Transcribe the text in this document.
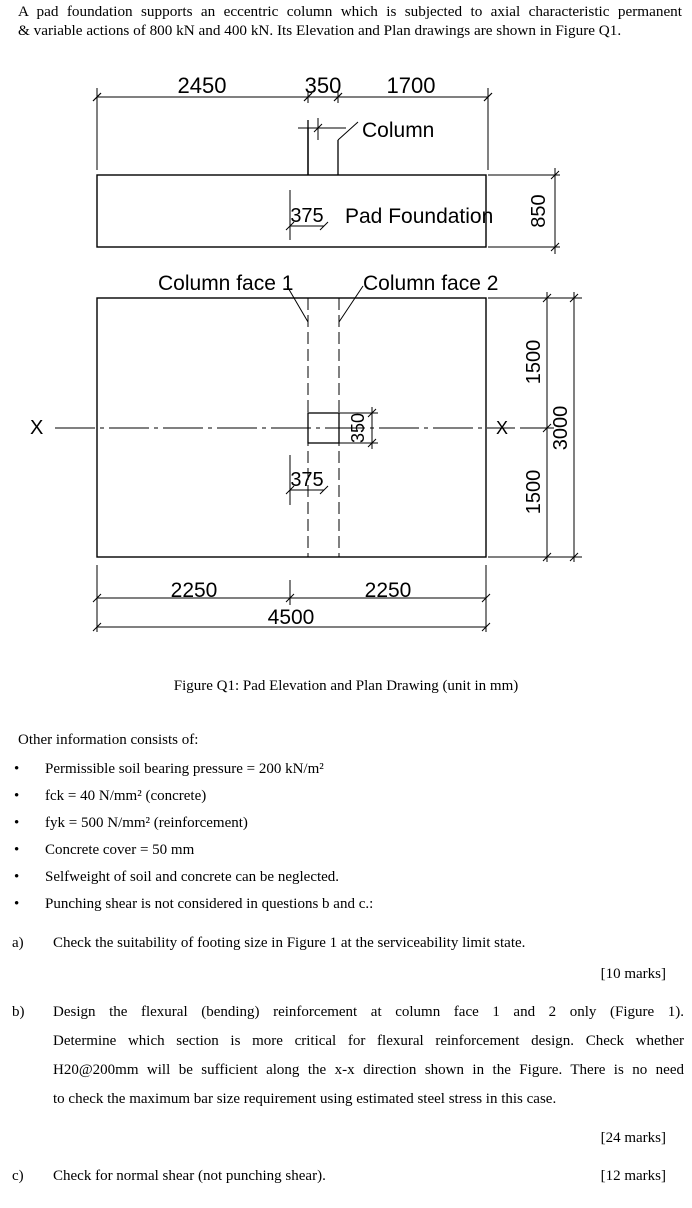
A pad foundation supports an eccentric column which is subjected to axial characteristic permanent
& variable actions of 800 kN and 400 kN. Its Elevation and Plan drawings are shown in Figure Q1.
2450	350 1700
Column
375 Pad Foundation 850
Column face 1	Column face 2
X	X
350
375
1500
1500
3000
2250	2250
4500
Figure Q1: Pad Elevation and Plan Drawing (unit in mm)
Other information consists of:
•	Permissible soil bearing pressure = 200 kN/m²
•	fck = 40 N/mm² (concrete)
•	fyk = 500 N/mm² (reinforcement)
•	Concrete cover = 50 mm
•	Selfweight of soil and concrete can be neglected.
•	Punching shear is not considered in questions b and c.:
a) Check the suitability of footing size in Figure 1 at the serviceability limit state.
[10 marks]
b) Design the flexural (bending) reinforcement at column face 1 and 2 only (Figure 1).
Determine which section is more critical for flexural reinforcement design. Check whether
H20@200mm will be sufficient along the x-x direction shown in the Figure. There is no need
to check the maximum bar size requirement using estimated steel stress in this case.
[24 marks]
c) Check for normal shear (not punching shear).	[12 marks]
